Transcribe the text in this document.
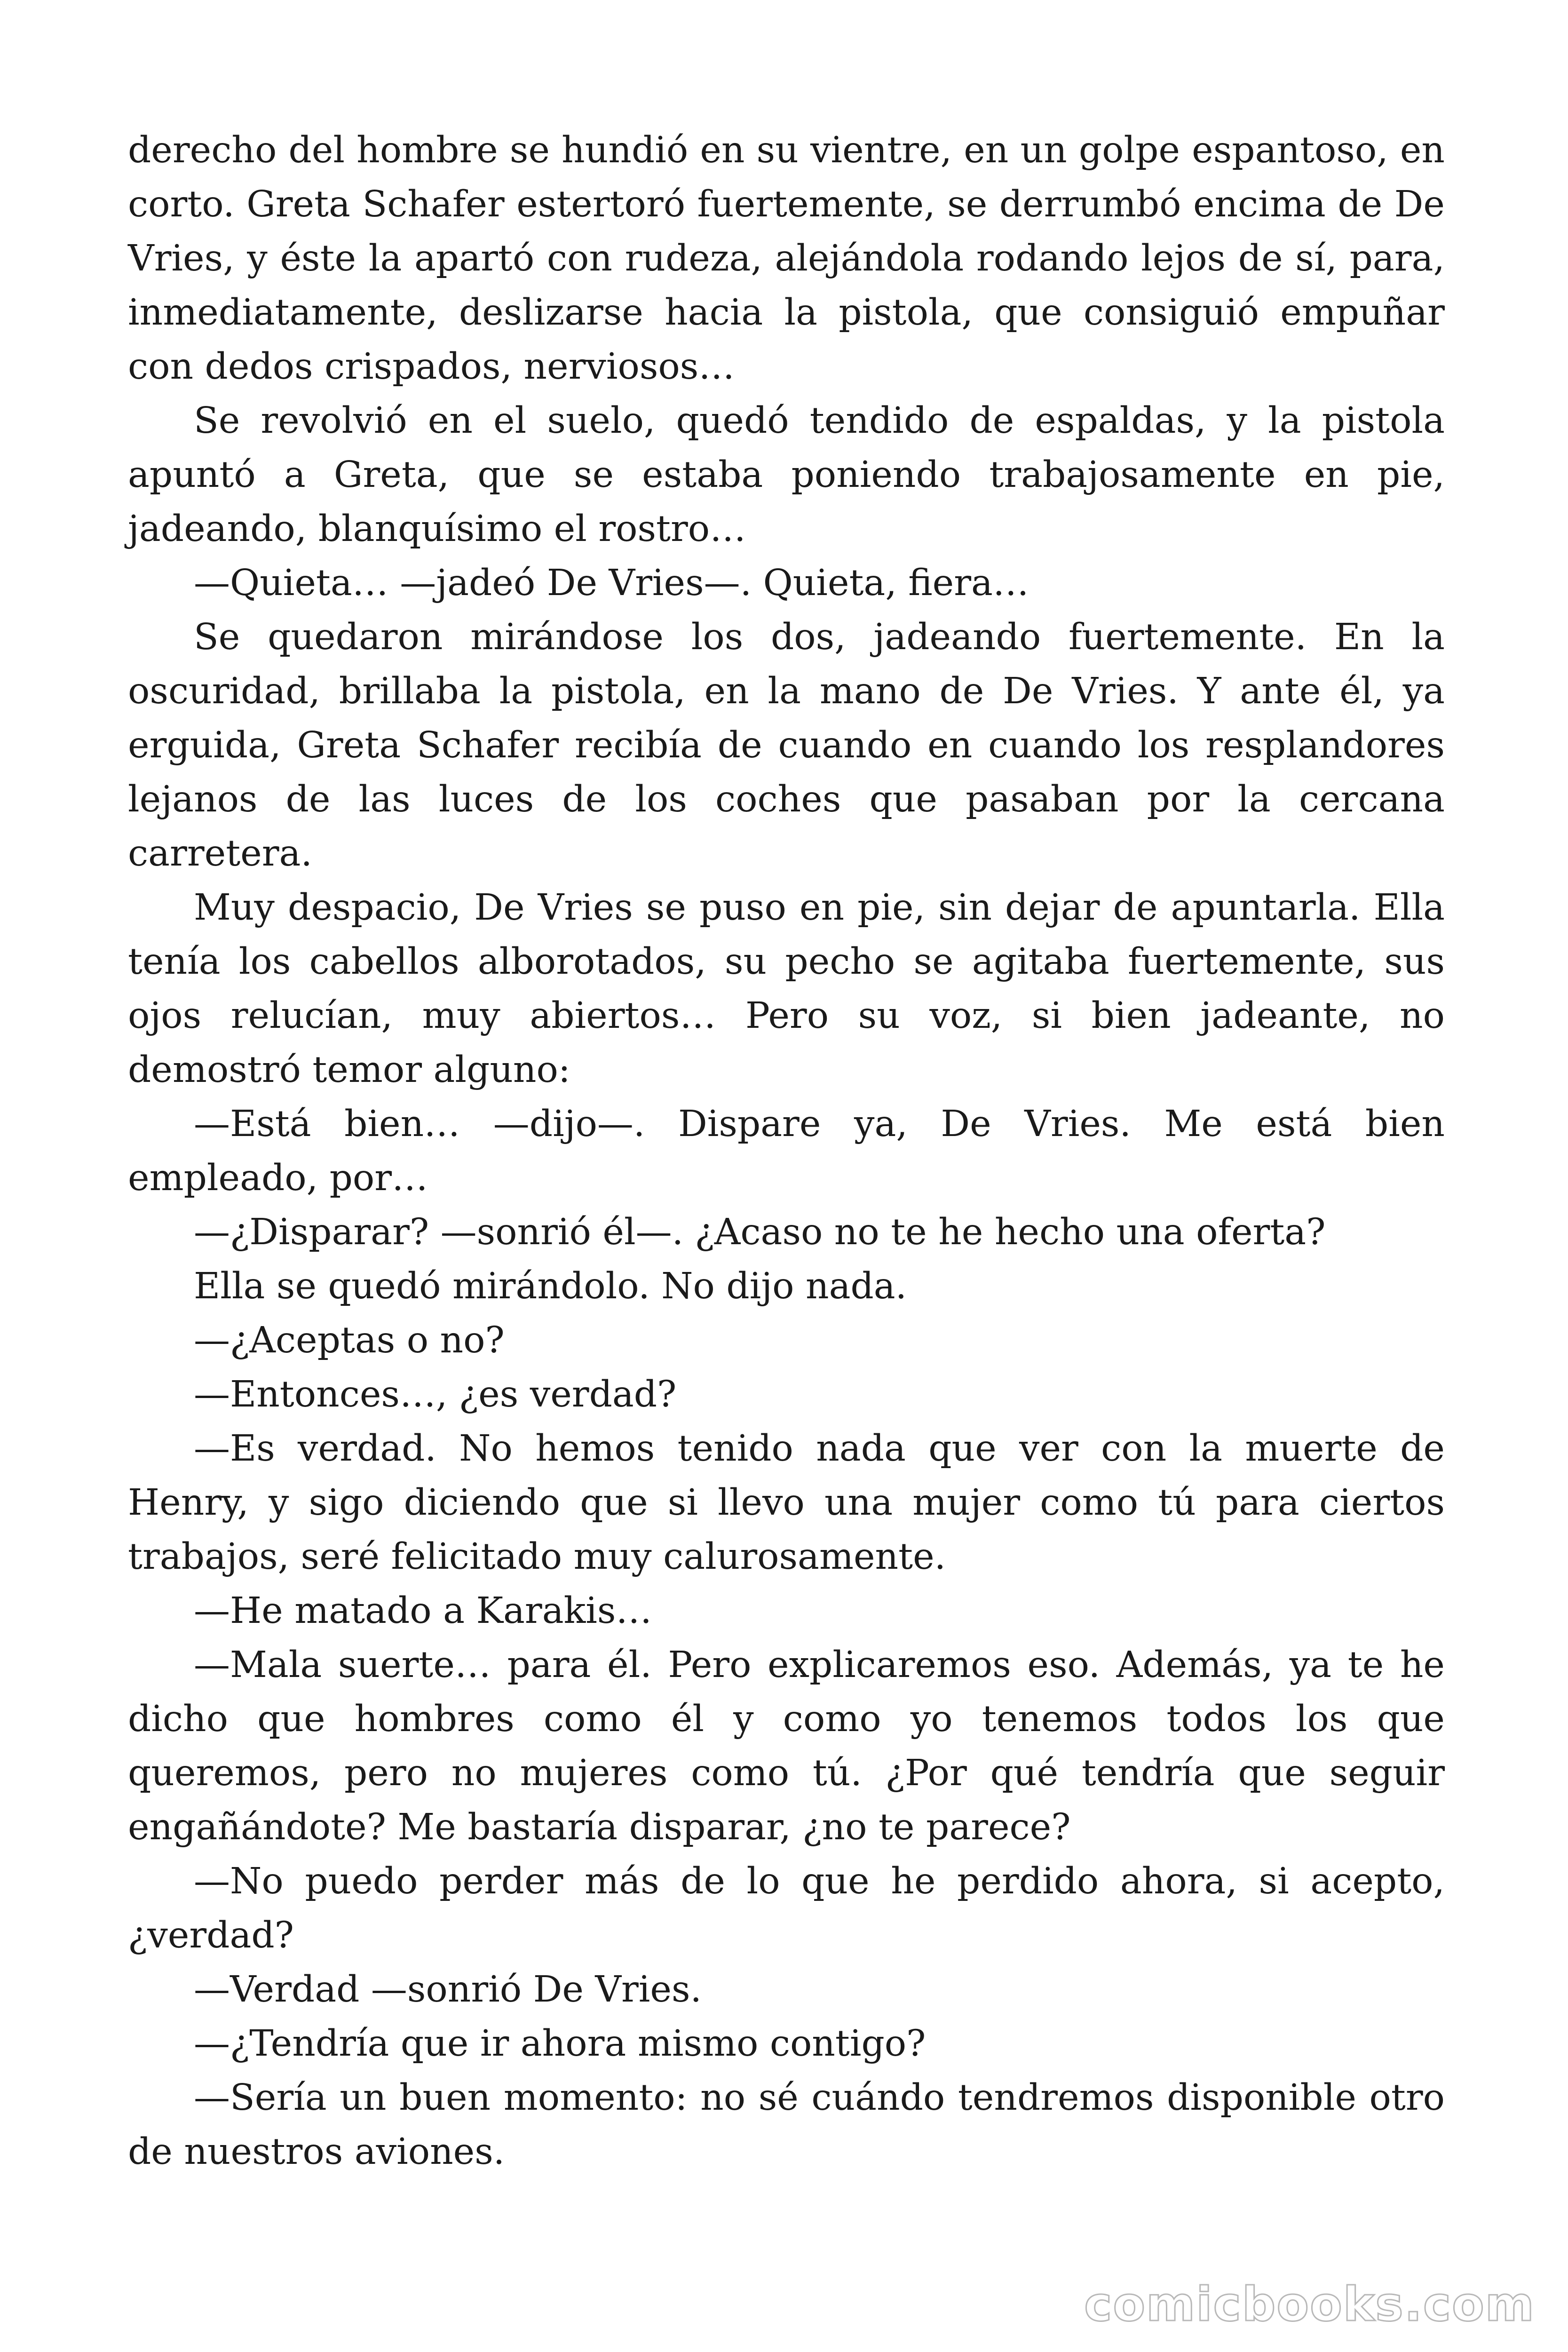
derecho del hombre se hundió en su vientre, en un golpe espantoso, en corto. Greta Schafer estertoró fuertemente, se derrumbó encima de De Vries, y éste la apartó con rudeza, alejándola rodando lejos de sí, para, inmediatamente, deslizarse hacia la pistola, que consiguió empuñar con dedos crispados, nerviosos…

Se revolvió en el suelo, quedó tendido de espaldas, y la pistola apuntó a Greta, que se estaba poniendo trabajosamente en pie, jadeando, blanquísimo el rostro…

—Quieta… —jadeó De Vries—. Quieta, fiera…

Se quedaron mirándose los dos, jadeando fuertemente. En la oscuridad, brillaba la pistola, en la mano de De Vries. Y ante él, ya erguida, Greta Schafer recibía de cuando en cuando los resplandores lejanos de las luces de los coches que pasaban por la cercana carretera.

Muy despacio, De Vries se puso en pie, sin dejar de apuntarla. Ella tenía los cabellos alborotados, su pecho se agitaba fuertemente, sus ojos relucían, muy abiertos… Pero su voz, si bien jadeante, no demostró temor alguno:

—Está bien… —dijo—. Dispare ya, De Vries. Me está bien empleado, por…

—¿Disparar? —sonrió él—. ¿Acaso no te he hecho una oferta?

Ella se quedó mirándolo. No dijo nada.

—¿Aceptas o no?

—Entonces…, ¿es verdad?

—Es verdad. No hemos tenido nada que ver con la muerte de Henry, y sigo diciendo que si llevo una mujer como tú para ciertos trabajos, seré felicitado muy calurosamente.

—He matado a Karakis…

—Mala suerte… para él. Pero explicaremos eso. Además, ya te he dicho que hombres como él y como yo tenemos todos los que queremos, pero no mujeres como tú. ¿Por qué tendría que seguir engañándote? Me bastaría disparar, ¿no te parece?

—No puedo perder más de lo que he perdido ahora, si acepto, ¿verdad?

—Verdad —sonrió De Vries.

—¿Tendría que ir ahora mismo contigo?

—Sería un buen momento: no sé cuándo tendremos disponible otro de nuestros aviones.

comicbooks.com
